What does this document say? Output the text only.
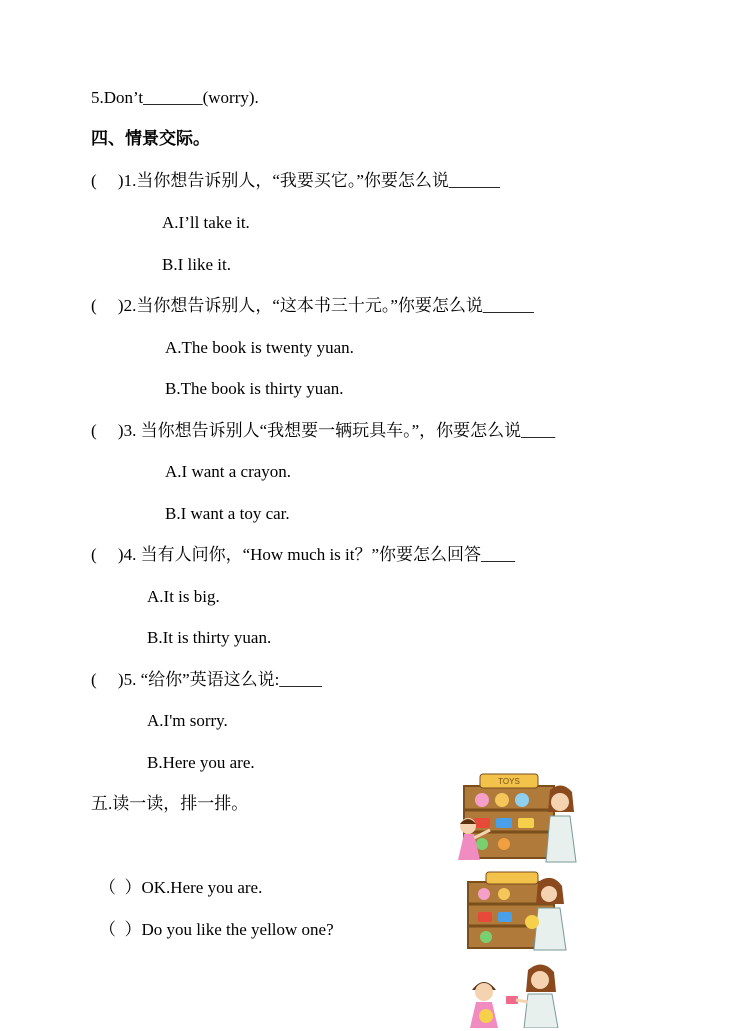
5.Don’t_______(worry).
四、情景交际。
(     )1.当你想告诉别人，“我要买它。”你要怎么说______
A.I’ll take it.
B.I like it.
(     )2.当你想告诉别人，“这本书三十元。”你要怎么说______
A.The book is twenty yuan.
B.The book is thirty yuan.
(     )3. 当你想告诉别人“我想要一辆玩具车。”，你要怎么说____
A.I want a crayon.
B.I want a toy car.
(     )4. 当有人问你，“How much is it？”你要怎么回答____
A.It is big.
B.It is thirty yuan.
(     )5. “给你”英语这么说:_____
A.I'm sorry.
B.Here you are.
五.读一读，排一排。
（  ）OK.Here you are.
（  ）Do you like the yellow one?
TOYS
